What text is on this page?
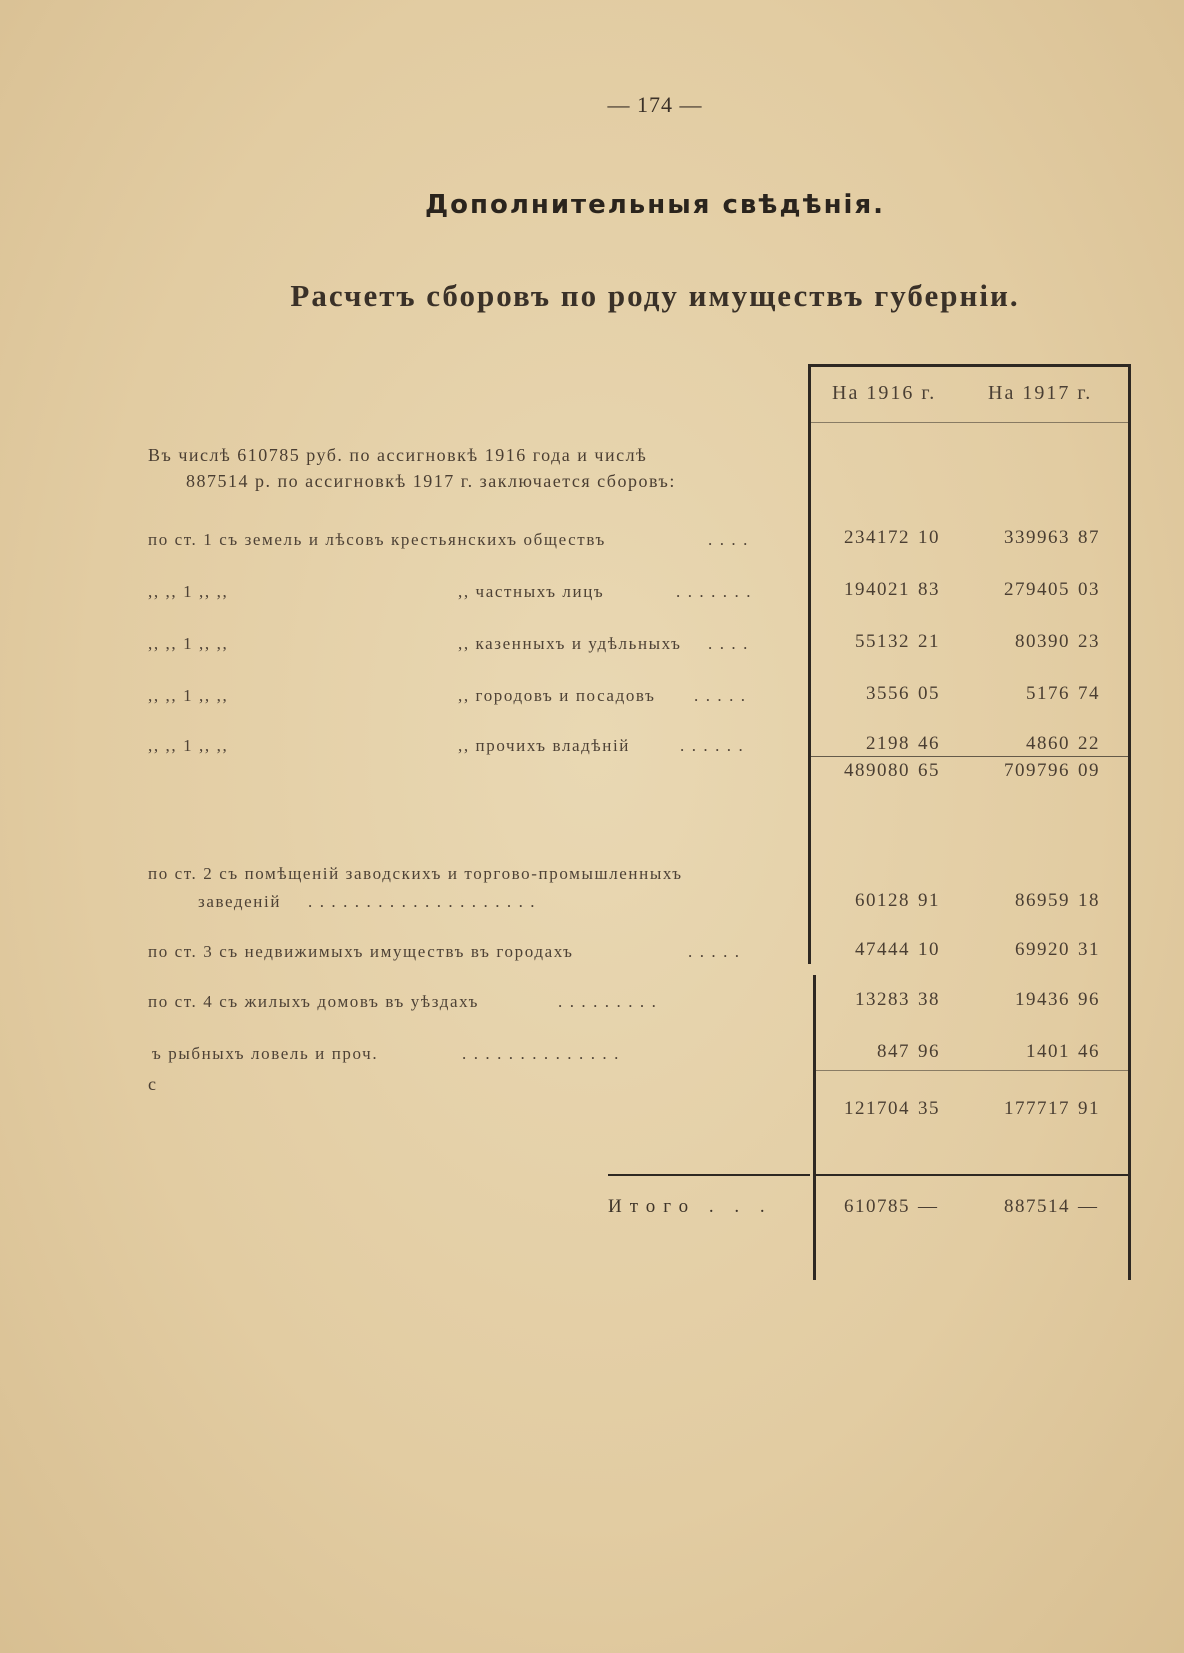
— 174 —
Дополнительныя свѣдѣнія.
Расчетъ сборовъ по роду имуществъ губерніи.
На 1916 г.	На 1917 г.
Въ числѣ 610785 руб. по ассигновкѣ 1916 года и числѣ
887514 р. по ассигновкѣ 1917 г. заключается сборовъ:
по ст. 1 съ земель и лѣсовъ крестьянскихъ обществъ	. . . .	234172 10	339963 87
,, ,, 1 ,, ,,	,, частныхъ лицъ	. . . . . . .	194021 83	279405 03
,, ,, 1 ,, ,,	,, казенныхъ и удѣльныхъ . . . .	55132 21	80390 23
,, ,, 1 ,, ,,	,, городовъ и посадовъ . . . . .	3556 05	5176 74
,, ,, 1 ,, ,,	,, прочихъ владѣній	. . . . . .	2198 46	4860 22
489080 65	709796 09
по ст. 2 съ помѣщеній заводскихъ и торгово-промышленныхъ
заведеній . . . . . . . . . . . . . . . . . . . .	60128 91	86959 18
по ст. 3 съ недвижимыхъ имуществъ въ городахъ	. . . . .	47444 10	69920 31
по ст. 4 съ жилыхъ домовъ въ уѣздахъ	. . . . . . . . .	13283 38	19436 96
ъ рыбныхъ ловель и проч.	. . . . . . . . . . . . . .	847 96	1401 46
с
121704 35	177717 91
Итого . . .	610785 —	887514 —
